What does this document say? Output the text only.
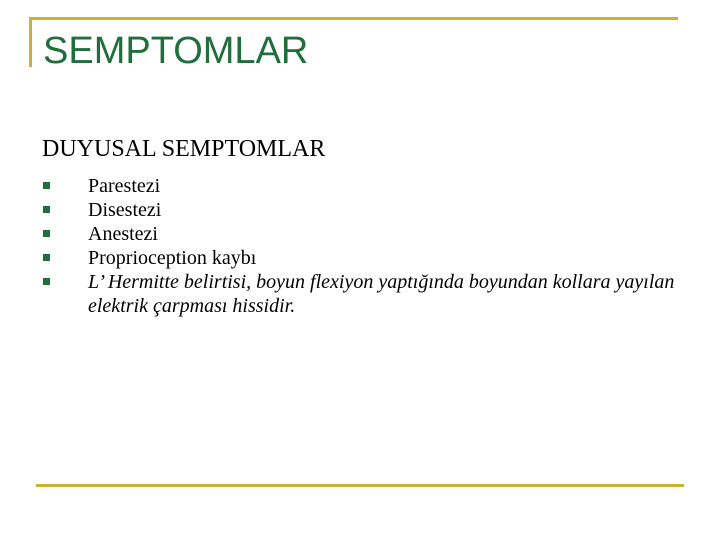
SEMPTOMLAR
DUYUSAL SEMPTOMLAR
Parestezi
Disestezi
Anestezi
Proprioception kaybı
L’ Hermitte belirtisi, boyun flexiyon yaptığında boyundan kollara yayılan elektrik çarpması hissidir.
